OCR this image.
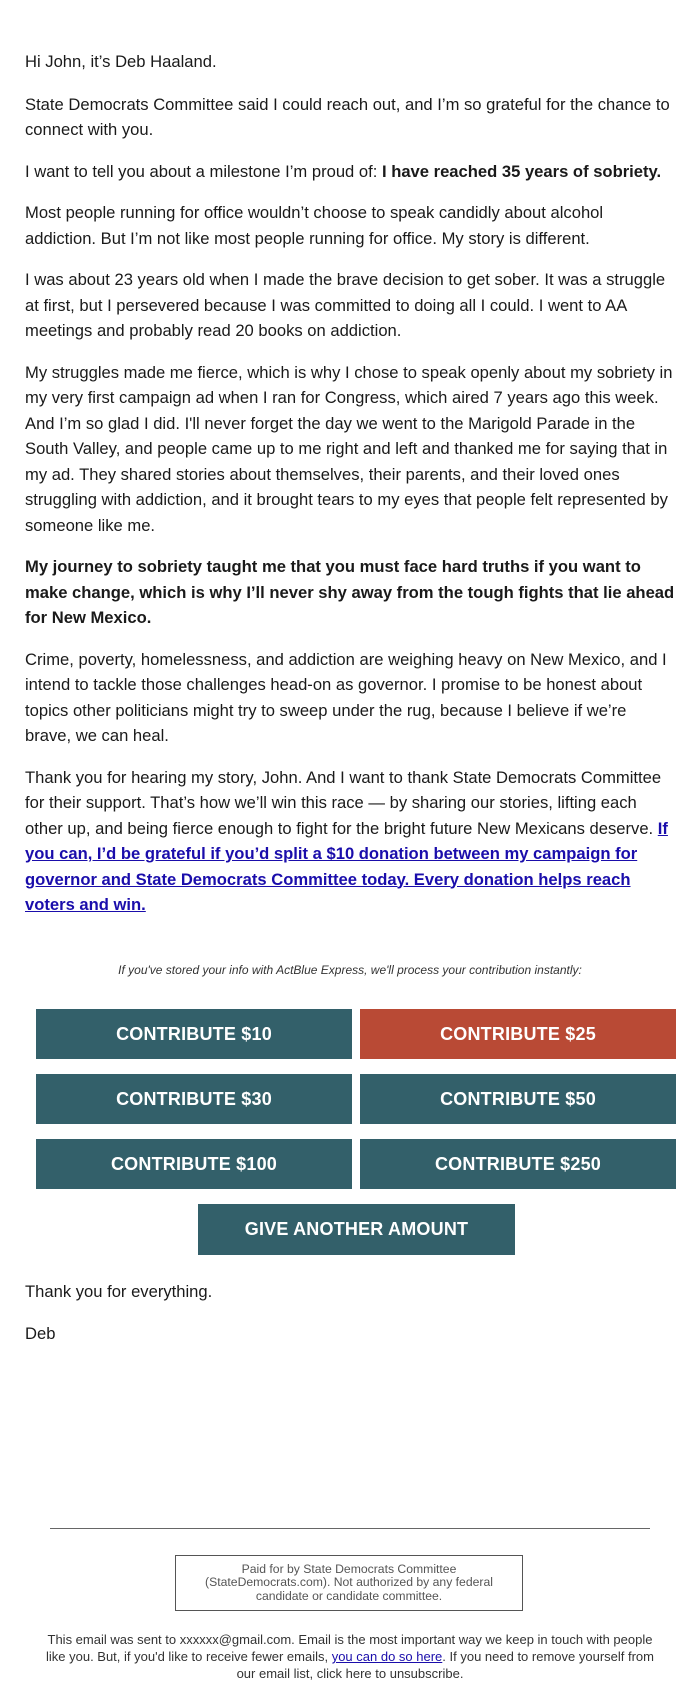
Hi John, it’s Deb Haaland.

State Democrats Committee said I could reach out, and I’m so grateful for the chance to connect with you.

I want to tell you about a milestone I’m proud of: I have reached 35 years of sobriety.

Most people running for office wouldn’t choose to speak candidly about alcohol addiction. But I’m not like most people running for office. My story is different.

I was about 23 years old when I made the brave decision to get sober. It was a struggle at first, but I persevered because I was committed to doing all I could. I went to AA meetings and probably read 20 books on addiction.

My struggles made me fierce, which is why I chose to speak openly about my sobriety in my very first campaign ad when I ran for Congress, which aired 7 years ago this week. And I’m so glad I did. I'll never forget the day we went to the Marigold Parade in the South Valley, and people came up to me right and left and thanked me for saying that in my ad. They shared stories about themselves, their parents, and their loved ones struggling with addiction, and it brought tears to my eyes that people felt represented by someone like me.

My journey to sobriety taught me that you must face hard truths if you want to make change, which is why I’ll never shy away from the tough fights that lie ahead for New Mexico.

Crime, poverty, homelessness, and addiction are weighing heavy on New Mexico, and I intend to tackle those challenges head-on as governor. I promise to be honest about topics other politicians might try to sweep under the rug, because I believe if we’re brave, we can heal.

Thank you for hearing my story, John. And I want to thank State Democrats Committee for their support. That’s how we’ll win this race — by sharing our stories, lifting each other up, and being fierce enough to fight for the bright future New Mexicans deserve. If you can, I’d be grateful if you’d split a $10 donation between my campaign for governor and State Democrats Committee today. Every donation helps reach voters and win.

If you've stored your info with ActBlue Express, we'll process your contribution instantly:
CONTRIBUTE $10	CONTRIBUTE $25
CONTRIBUTE $30	CONTRIBUTE $50
CONTRIBUTE $100	CONTRIBUTE $250
GIVE ANOTHER AMOUNT
Thank you for everything.
Deb
Paid for by State Democrats Committee (StateDemocrats.com). Not authorized by any federal candidate or candidate committee.
This email was sent to xxxxxx@gmail.com. Email is the most important way we keep in touch with people like you. But, if you'd like to receive fewer emails, you can do so here. If you need to remove yourself from our email list, click here to unsubscribe.
